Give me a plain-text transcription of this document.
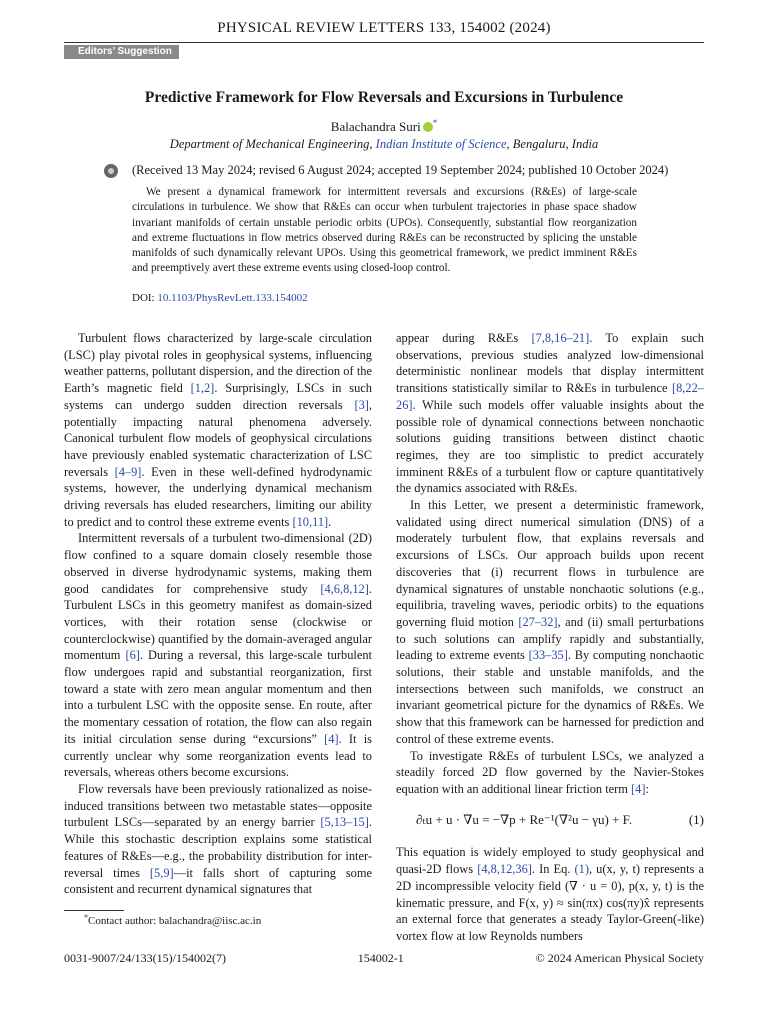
PHYSICAL REVIEW LETTERS 133, 154002 (2024)
Editors’ Suggestion
Predictive Framework for Flow Reversals and Excursions in Turbulence
Balachandra Suri *
Department of Mechanical Engineering, Indian Institute of Science, Bengaluru, India
(Received 13 May 2024; revised 6 August 2024; accepted 19 September 2024; published 10 October 2024)
We present a dynamical framework for intermittent reversals and excursions (R&Es) of large-scale circulations in turbulence. We show that R&Es can occur when turbulent trajectories in phase space shadow invariant manifolds of certain unstable periodic orbits (UPOs). Consequently, substantial flow reorganization and extreme fluctuations in flow metrics observed during R&Es can be reconstructed by splicing the unstable manifolds of such dynamically relevant UPOs. Using this geometrical framework, we predict imminent R&Es and preemptively avert these extreme events using closed-loop control.
DOI: 10.1103/PhysRevLett.133.154002

Turbulent flows characterized by large-scale circulation (LSC) play pivotal roles in geophysical systems, influencing weather patterns, pollutant dispersion, and the direction of the Earth’s magnetic field [1,2]. Surprisingly, LSCs in such systems can undergo sudden direction reversals [3], potentially impacting natural phenomena adversely. Canonical turbulent flow models of geophysical circulations have previously enabled systematic characterization of LSC reversals [4–9]. Even in these well-defined hydrodynamic systems, however, the underlying dynamical mechanism driving reversals has eluded researchers, limiting our ability to predict and to control these extreme events [10,11].

Intermittent reversals of a turbulent two-dimensional (2D) flow confined to a square domain closely resemble those observed in diverse hydrodynamic systems, making them good candidates for comprehensive study [4,6,8,12]. Turbulent LSCs in this geometry manifest as domain-sized vortices, with their rotation sense (clockwise or counterclockwise) quantified by the domain-averaged angular momentum [6]. During a reversal, this large-scale turbulent flow undergoes rapid and substantial reorganization, first toward a state with zero mean angular momentum and then into a turbulent LSC with the opposite sense. En route, after the momentary cessation of rotation, the flow can also regain its initial circulation sense during “excursions” [4]. It is currently unclear why some reorganization events lead to reversals, whereas others become excursions.

Flow reversals have been previously rationalized as noise-induced transitions between two metastable states—opposite turbulent LSCs—separated by an energy barrier [5,13–15]. While this stochastic description explains some statistical features of R&Es—e.g., the probability distribution for inter-reversal times [5,9]—it falls short of capturing some consistent and recurrent dynamical signatures that

appear during R&Es [7,8,16–21]. To explain such observations, previous studies analyzed low-dimensional deterministic nonlinear models that display intermittent transitions statistically similar to R&Es in turbulence [8,22–26]. While such models offer valuable insights about the possible role of dynamical connections between nonchaotic solutions guiding transitions between distinct chaotic regimes, they are too simplistic to predict accurately imminent R&Es of a turbulent flow or capture quantitatively the dynamics associated with R&Es.

In this Letter, we present a deterministic framework, validated using direct numerical simulation (DNS) of a moderately turbulent flow, that explains reversals and excursions of LSCs. Our approach builds upon recent discoveries that (i) recurrent flows in turbulence are dynamical signatures of unstable nonchaotic solutions (e.g., equilibria, traveling waves, periodic orbits) to the equations governing fluid motion [27–32], and (ii) small perturbations to such solutions can amplify rapidly and substantially, leading to extreme events [33–35]. By computing nonchaotic solutions, their stable and unstable manifolds, and the intersections between such manifolds, we construct an invariant geometrical picture for the dynamics of R&Es. We show that this framework can be harnessed for prediction and control of these extreme events.

To investigate R&Es of turbulent LSCs, we analyzed a steadily forced 2D flow governed by the Navier-Stokes equation with an additional linear friction term [4]:

∂ₜu + u · ∇u = −∇p + Re⁻¹(∇²u − γu) + F.	(1)

This equation is widely employed to study geophysical and quasi-2D flows [4,8,12,36]. In Eq. (1), u(x, y, t) represents a 2D incompressible velocity field (∇ · u = 0), p(x, y, t) is the kinematic pressure, and F(x, y) ≈ sin(πx) cos(πy)x̂ represents an external force that generates a steady Taylor-Green(-like) vortex flow at low Reynolds numbers

*Contact author: balachandra@iisc.ac.in
0031-9007/24/133(15)/154002(7)	154002-1	© 2024 American Physical Society
